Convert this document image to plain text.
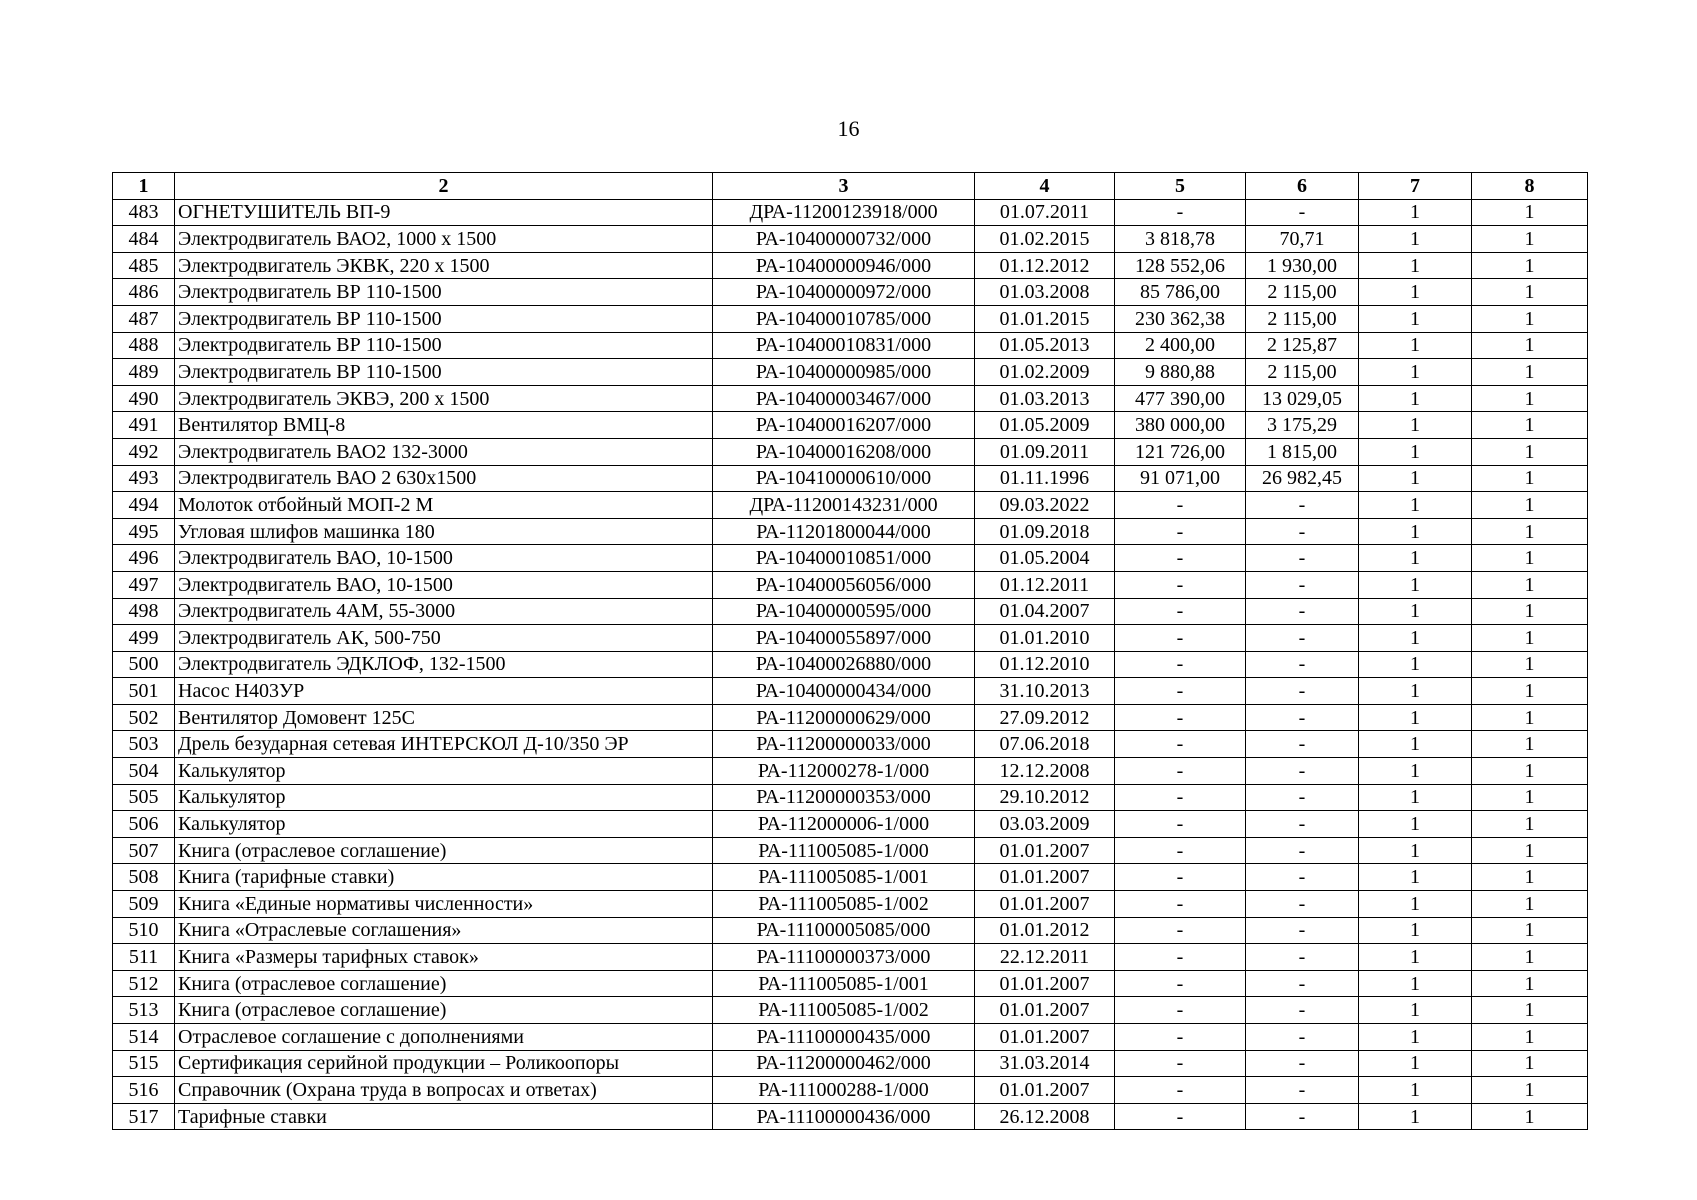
16
1	2	3	4	5	6	7	8
483	ОГНЕТУШИТЕЛЬ ВП-9	ДРА-11200123918/000	01.07.2011	-	-	1	1
484	Электродвигатель ВАО2, 1000 x 1500	РА-10400000732/000	01.02.2015	3 818,78	70,71	1	1
485	Электродвигатель ЭКВК, 220 x 1500	РА-10400000946/000	01.12.2012	128 552,06	1 930,00	1	1
486	Электродвигатель ВР 110-1500	РА-10400000972/000	01.03.2008	85 786,00	2 115,00	1	1
487	Электродвигатель ВР 110-1500	РА-10400010785/000	01.01.2015	230 362,38	2 115,00	1	1
488	Электродвигатель ВР 110-1500	РА-10400010831/000	01.05.2013	2 400,00	2 125,87	1	1
489	Электродвигатель ВР 110-1500	РА-10400000985/000	01.02.2009	9 880,88	2 115,00	1	1
490	Электродвигатель ЭКВЭ, 200 x 1500	РА-10400003467/000	01.03.2013	477 390,00	13 029,05	1	1
491	Вентилятор ВМЦ-8	РА-10400016207/000	01.05.2009	380 000,00	3 175,29	1	1
492	Электродвигатель ВАО2 132-3000	РА-10400016208/000	01.09.2011	121 726,00	1 815,00	1	1
493	Электродвигатель ВАО 2 630х1500	РА-10410000610/000	01.11.1996	91 071,00	26 982,45	1	1
494	Молоток отбойный МОП-2 М	ДРА-11200143231/000	09.03.2022	-	-	1	1
495	Угловая шлифов машинка 180	РА-11201800044/000	01.09.2018	-	-	1	1
496	Электродвигатель ВАО, 10-1500	РА-10400010851/000	01.05.2004	-	-	1	1
497	Электродвигатель ВАО, 10-1500	РА-10400056056/000	01.12.2011	-	-	1	1
498	Электродвигатель 4АМ, 55-3000	РА-10400000595/000	01.04.2007	-	-	1	1
499	Электродвигатель АК, 500-750	РА-10400055897/000	01.01.2010	-	-	1	1
500	Электродвигатель ЭДКЛОФ, 132-1500	РА-10400026880/000	01.12.2010	-	-	1	1
501	Насос Н403УР	РА-10400000434/000	31.10.2013	-	-	1	1
502	Вентилятор Домовент 125С	РА-11200000629/000	27.09.2012	-	-	1	1
503	Дрель безударная сетевая ИНТЕРСКОЛ Д-10/350 ЭР	РА-11200000033/000	07.06.2018	-	-	1	1
504	Калькулятор	РА-112000278-1/000	12.12.2008	-	-	1	1
505	Калькулятор	РА-11200000353/000	29.10.2012	-	-	1	1
506	Калькулятор	РА-112000006-1/000	03.03.2009	-	-	1	1
507	Книга (отраслевое соглашение)	РА-111005085-1/000	01.01.2007	-	-	1	1
508	Книга (тарифные ставки)	РА-111005085-1/001	01.01.2007	-	-	1	1
509	Книга «Единые нормативы численности»	РА-111005085-1/002	01.01.2007	-	-	1	1
510	Книга «Отраслевые соглашения»	РА-11100005085/000	01.01.2012	-	-	1	1
511	Книга «Размеры тарифных ставок»	РА-11100000373/000	22.12.2011	-	-	1	1
512	Книга (отраслевое соглашение)	РА-111005085-1/001	01.01.2007	-	-	1	1
513	Книга (отраслевое соглашение)	РА-111005085-1/002	01.01.2007	-	-	1	1
514	Отраслевое соглашение с дополнениями	РА-11100000435/000	01.01.2007	-	-	1	1
515	Сертификация серийной продукции – Роликоопоры	РА-11200000462/000	31.03.2014	-	-	1	1
516	Справочник (Охрана труда в вопросах и ответах)	РА-111000288-1/000	01.01.2007	-	-	1	1
517	Тарифные ставки	РА-11100000436/000	26.12.2008	-	-	1	1
